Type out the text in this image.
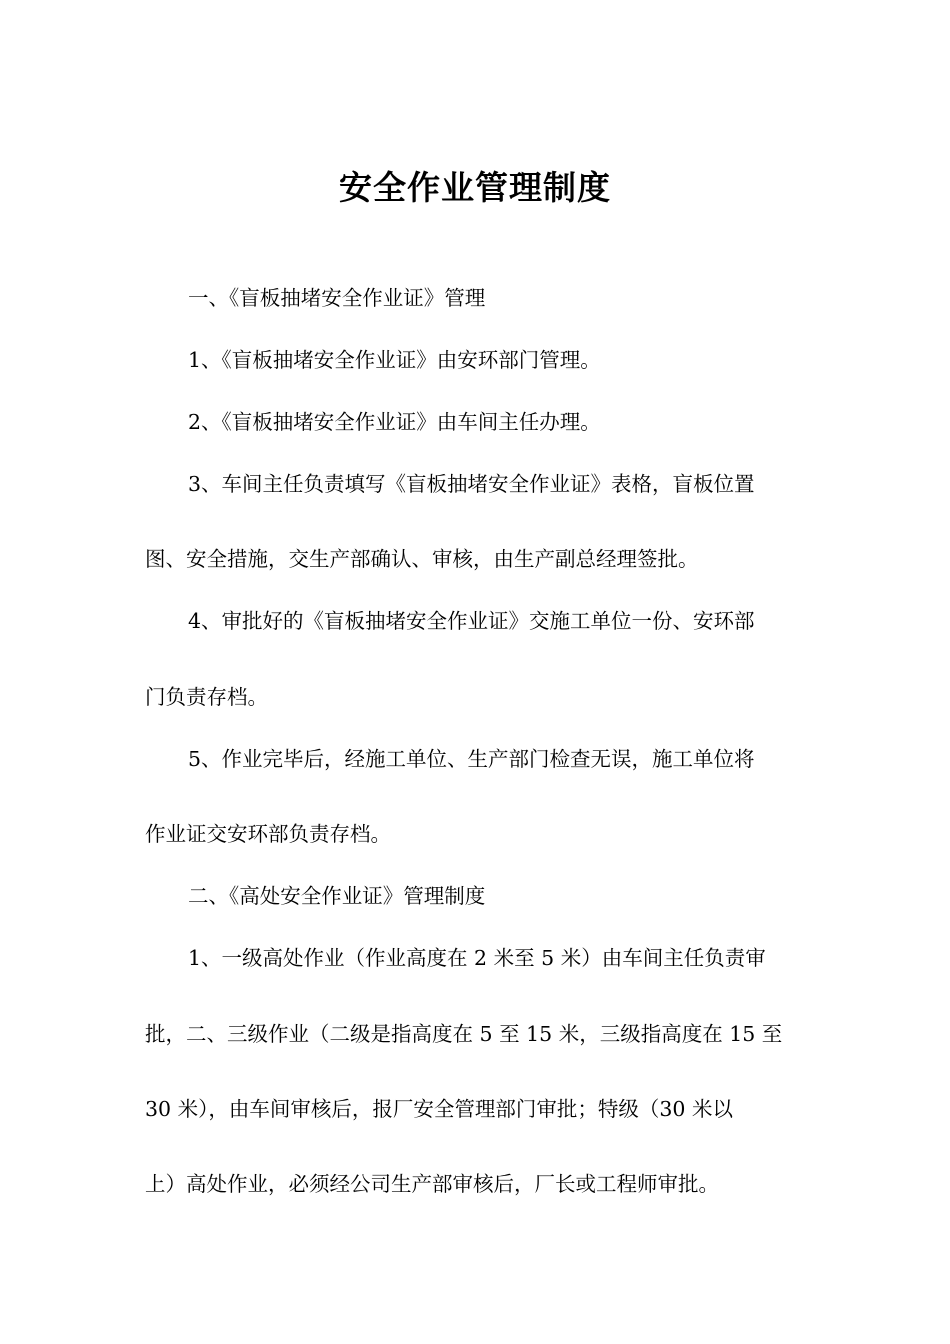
安全作业管理制度
一、《盲板抽堵安全作业证》管理
1、《盲板抽堵安全作业证》由安环部门管理。
2、《盲板抽堵安全作业证》由车间主任办理。
3、车间主任负责填写《盲板抽堵安全作业证》表格，盲板位置
图、安全措施，交生产部确认、审核，由生产副总经理签批。
4、审批好的《盲板抽堵安全作业证》交施工单位一份、安环部
门负责存档。
5、作业完毕后，经施工单位、生产部门检查无误，施工单位将
作业证交安环部负责存档。
二、《高处安全作业证》管理制度
1、一级高处作业（作业高度在 2 米至 5 米）由车间主任负责审
批，二、三级作业（二级是指高度在 5 至 15 米，三级指高度在 15 至
30 米），由车间审核后，报厂安全管理部门审批；特级（30 米以
上）高处作业，必须经公司生产部审核后，厂长或工程师审批。
